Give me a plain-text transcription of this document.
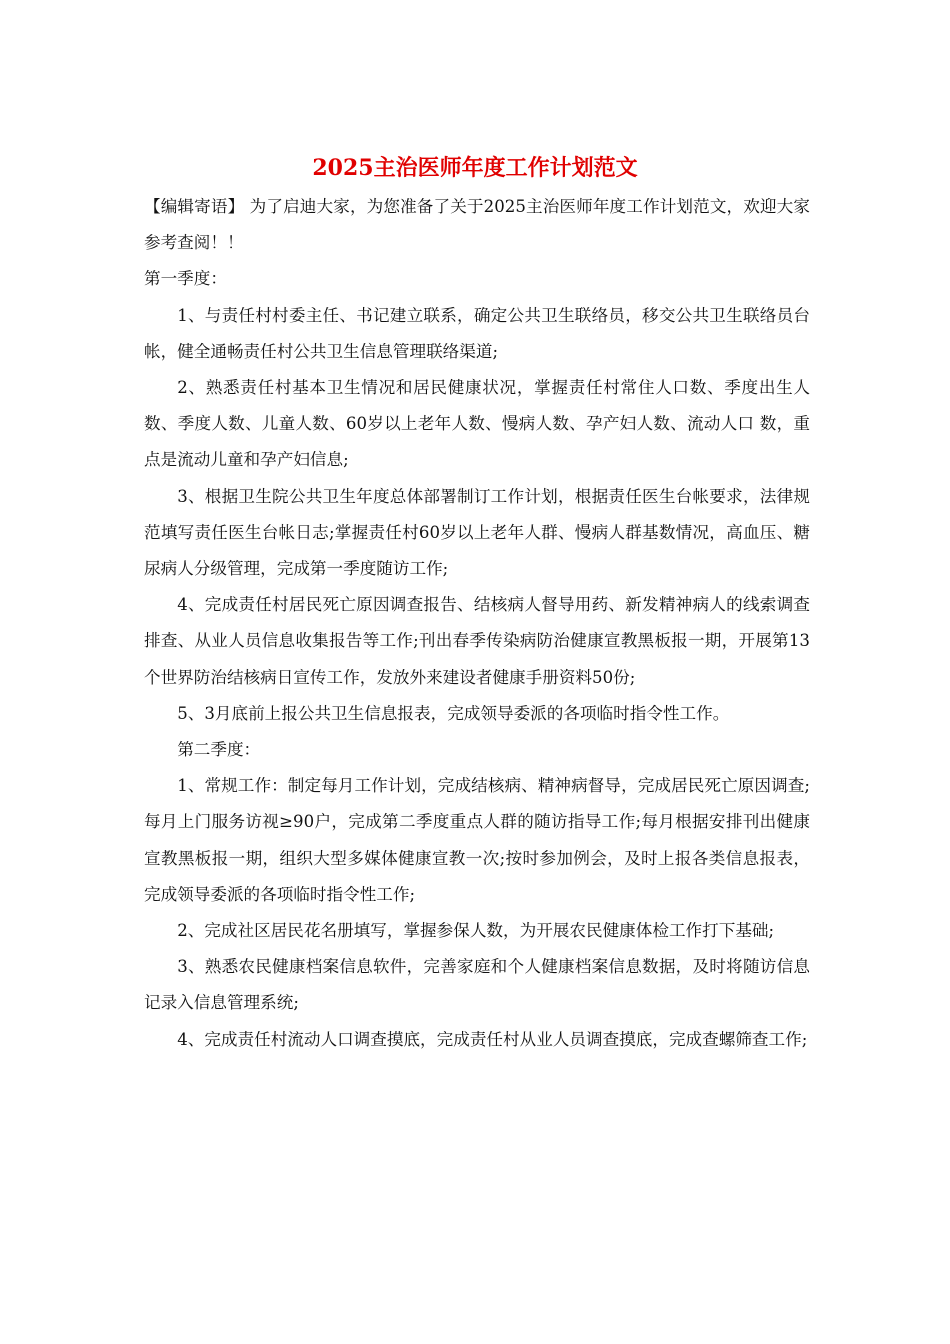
2025主治医师年度工作计划范文

【编辑寄语】 为了启迪大家，为您准备了关于2025主治医师年度工作计划范文，欢迎大家参考查阅！！

第一季度：

1、与责任村村委主任、书记建立联系，确定公共卫生联络员，移交公共卫生联络员台帐，健全通畅责任村公共卫生信息管理联络渠道;

2、熟悉责任村基本卫生情况和居民健康状况，掌握责任村常住人口数、季度出生人数、季度人数、儿童人数、60岁以上老年人数、慢病人数、孕产妇人数、流动人口 数，重点是流动儿童和孕产妇信息;

3、根据卫生院公共卫生年度总体部署制订工作计划，根据责任医生台帐要求，法律规范填写责任医生台帐日志;掌握责任村60岁以上老年人群、慢病人群基数情况，高血压、糖尿病人分级管理，完成第一季度随访工作;

4、完成责任村居民死亡原因调查报告、结核病人督导用药、新发精神病人的线索调查排查、从业人员信息收集报告等工作;刊出春季传染病防治健康宣教黑板报一期，开展第13个世界防治结核病日宣传工作，发放外来建设者健康手册资料50份;

5、3月底前上报公共卫生信息报表，完成领导委派的各项临时指令性工作。

第二季度：

1、常规工作：制定每月工作计划，完成结核病、精神病督导，完成居民死亡原因调查;每月上门服务访视≥90户，完成第二季度重点人群的随访指导工作;每月根据安排刊出健康宣教黑板报一期，组织大型多媒体健康宣教一次;按时参加例会，及时上报各类信息报表，完成领导委派的各项临时指令性工作;

2、完成社区居民花名册填写，掌握参保人数，为开展农民健康体检工作打下基础;

3、熟悉农民健康档案信息软件，完善家庭和个人健康档案信息数据，及时将随访信息记录入信息管理系统;

4、完成责任村流动人口调查摸底，完成责任村从业人员调查摸底，完成查螺筛查工作;
